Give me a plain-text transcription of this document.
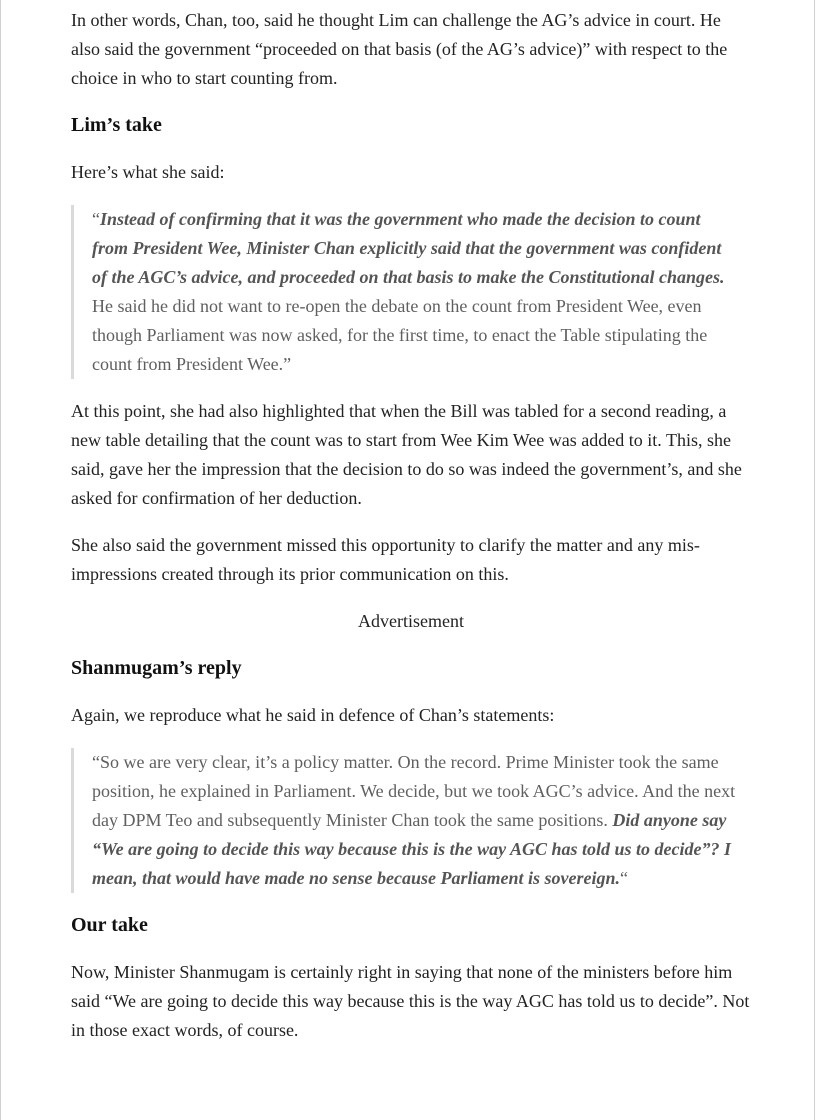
In other words, Chan, too, said he thought Lim can challenge the AG’s advice in court. He also said the government “proceeded on that basis (of the AG’s advice)” with respect to the choice in who to start counting from.

Lim’s take

Here’s what she said:

“Instead of confirming that it was the government who made the decision to count from President Wee, Minister Chan explicitly said that the government was confident of the AGC’s advice, and proceeded on that basis to make the Constitutional changes. He said he did not want to re-open the debate on the count from President Wee, even though Parliament was now asked, for the first time, to enact the Table stipulating the count from President Wee.”

At this point, she had also highlighted that when the Bill was tabled for a second reading, a new table detailing that the count was to start from Wee Kim Wee was added to it. This, she said, gave her the impression that the decision to do so was indeed the government’s, and she asked for confirmation of her deduction.

She also said the government missed this opportunity to clarify the matter and any mis-impressions created through its prior communication on this.

Advertisement
Shanmugam’s reply

Again, we reproduce what he said in defence of Chan’s statements:

“So we are very clear, it’s a policy matter. On the record. Prime Minister took the same position, he explained in Parliament. We decide, but we took AGC’s advice. And the next day DPM Teo and subsequently Minister Chan took the same positions. Did anyone say “We are going to decide this way because this is the way AGC has told us to decide”? I mean, that would have made no sense because Parliament is sovereign.“
Our take

Now, Minister Shanmugam is certainly right in saying that none of the ministers before him said “We are going to decide this way because this is the way AGC has told us to decide”. Not in those exact words, of course.
